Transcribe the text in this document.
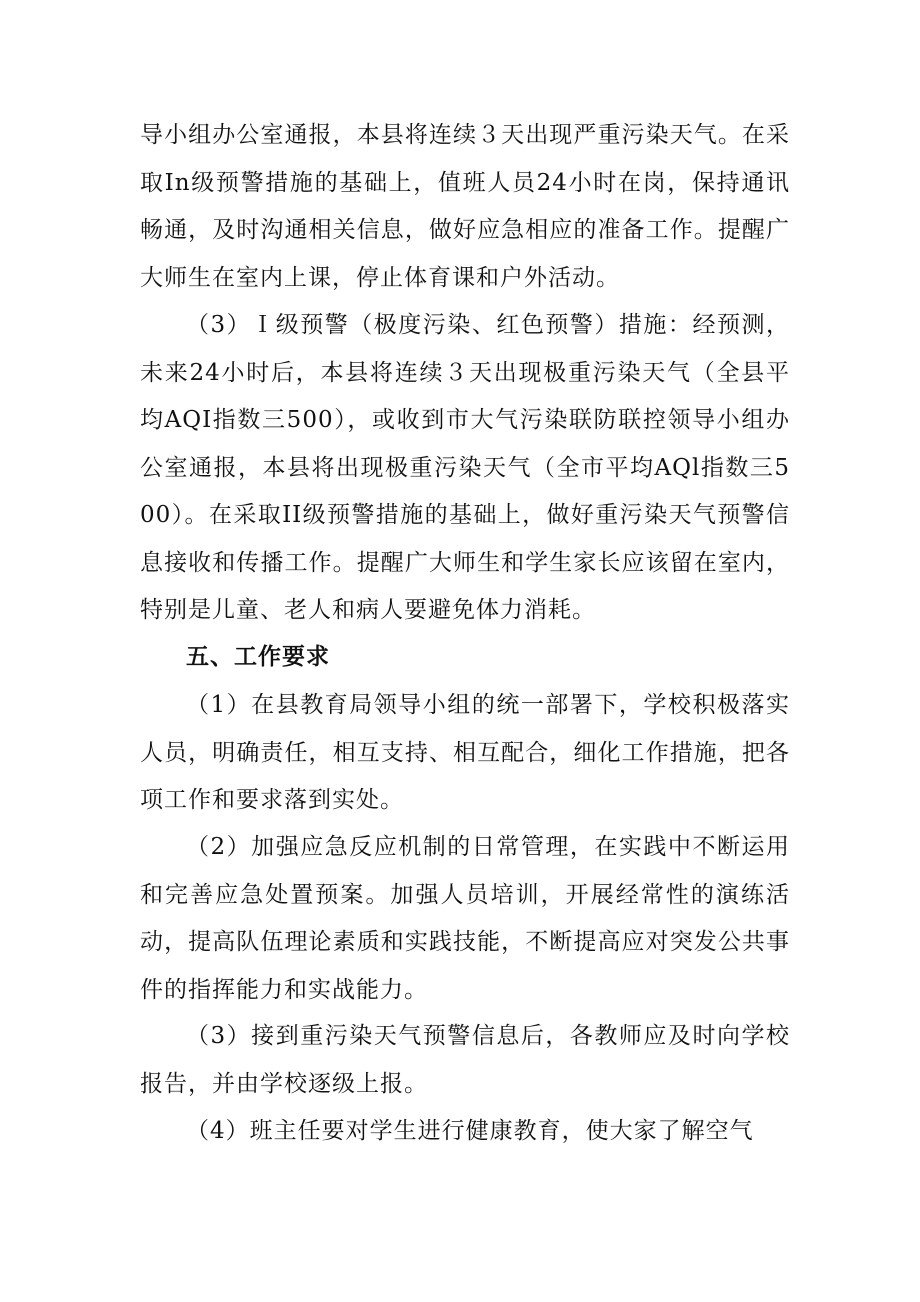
导小组办公室通报，本县将连续３天出现严重污染天气。在采取In级预警措施的基础上，值班人员24小时在岗，保持通讯畅通，及时沟通相关信息，做好应急相应的准备工作。提醒广大师生在室内上课，停止体育课和户外活动。

（3）Ｉ级预警（极度污染、红色预警）措施：经预测，未来24小时后，本县将连续３天出现极重污染天气（全县平均AQI指数三500），或收到市大气污染联防联控领导小组办公室通报，本县将出现极重污染天气（全市平均AQl指数三500）。在采取II级预警措施的基础上，做好重污染天气预警信息接收和传播工作。提醒广大师生和学生家长应该留在室内，特别是儿童、老人和病人要避免体力消耗。

五、工作要求

（1）在县教育局领导小组的统一部署下，学校积极落实人员，明确责任，相互支持、相互配合，细化工作措施，把各项工作和要求落到实处。

（2）加强应急反应机制的日常管理，在实践中不断运用和完善应急处置预案。加强人员培训，开展经常性的演练活动，提高队伍理论素质和实践技能，不断提高应对突发公共事件的指挥能力和实战能力。

（3）接到重污染天气预警信息后，各教师应及时向学校报告，并由学校逐级上报。

（4）班主任要对学生进行健康教育，使大家了解空气
